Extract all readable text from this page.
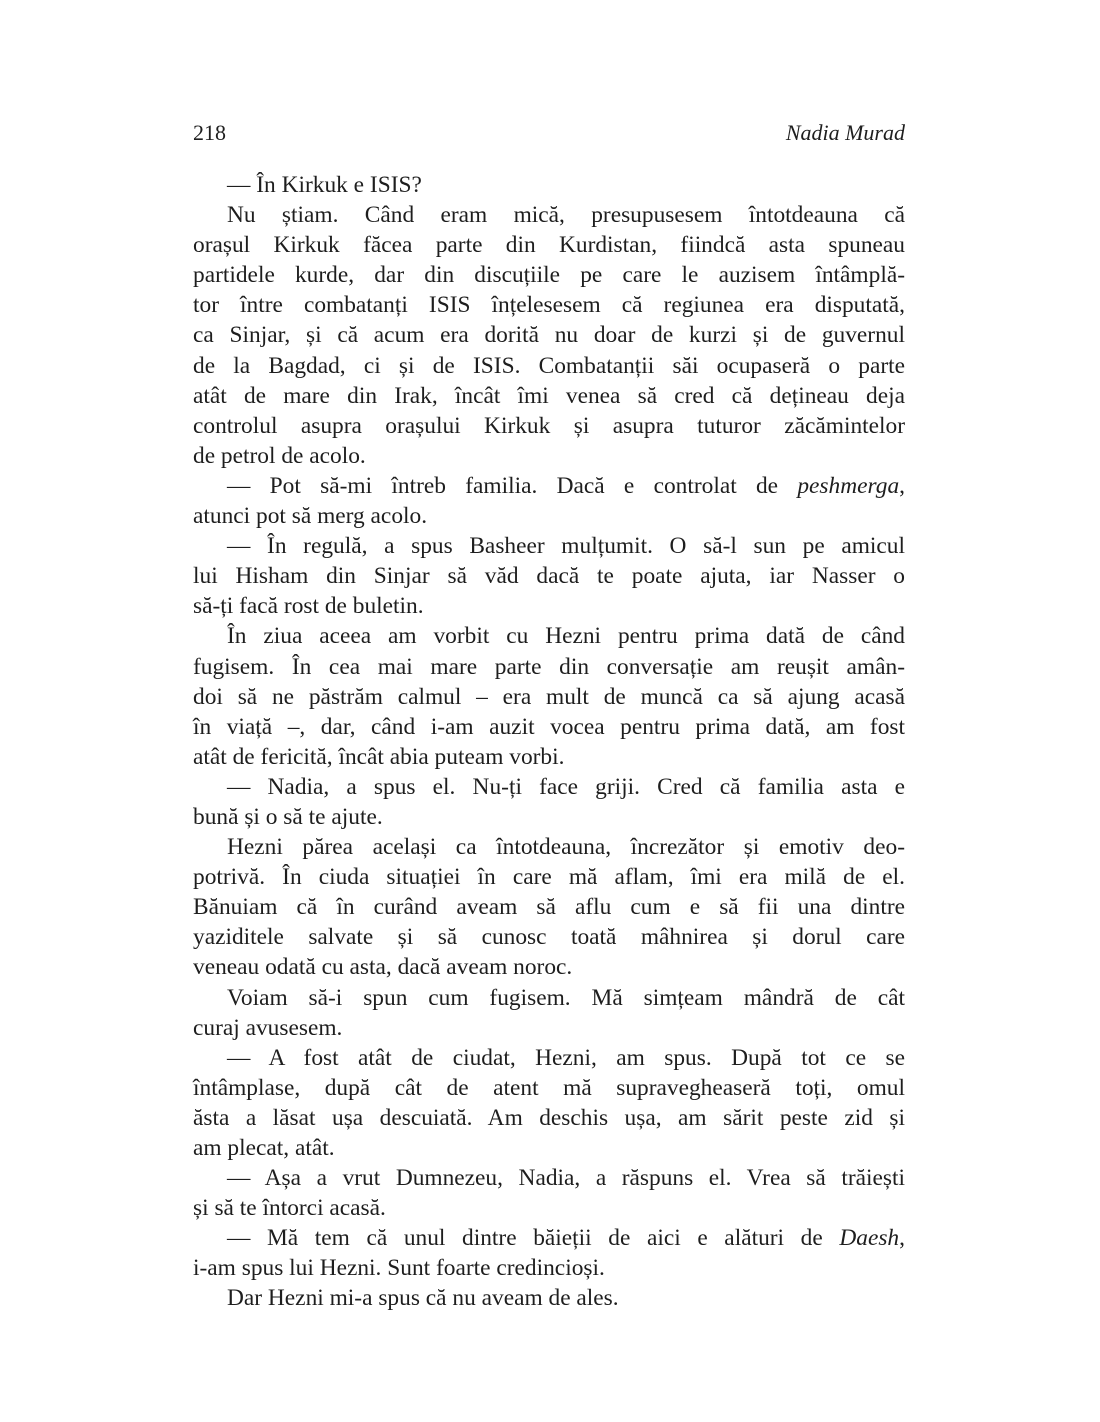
218	Nadia Murad
— În Kirkuk e ISIS?
Nu știam. Când eram mică, presupusesem întotdeauna că
orașul Kirkuk făcea parte din Kurdistan, fiindcă asta spuneau
partidele kurde, dar din discuțiile pe care le auzisem întâmplă-
tor între combatanți ISIS înțelesesem că regiunea era disputată,
ca Sinjar, și că acum era dorită nu doar de kurzi și de guvernul
de la Bagdad, ci și de ISIS. Combatanții săi ocupaseră o parte
atât de mare din Irak, încât îmi venea să cred că dețineau deja
controlul asupra orașului Kirkuk și asupra tuturor zăcămintelor
de petrol de acolo.
— Pot să-mi întreb familia. Dacă e controlat de peshmerga,
atunci pot să merg acolo.
— În regulă, a spus Basheer mulțumit. O să-l sun pe amicul
lui Hisham din Sinjar să văd dacă te poate ajuta, iar Nasser o
să-ți facă rost de buletin.
În ziua aceea am vorbit cu Hezni pentru prima dată de când
fugisem. În cea mai mare parte din conversație am reușit amân-
doi să ne păstrăm calmul – era mult de muncă ca să ajung acasă
în viață –, dar, când i-am auzit vocea pentru prima dată, am fost
atât de fericită, încât abia puteam vorbi.
— Nadia, a spus el. Nu-ți face griji. Cred că familia asta e
bună și o să te ajute.
Hezni părea același ca întotdeauna, încrezător și emotiv deo-
potrivă. În ciuda situației în care mă aflam, îmi era milă de el.
Bănuiam că în curând aveam să aflu cum e să fii una dintre
yaziditele salvate și să cunosc toată mâhnirea și dorul care
veneau odată cu asta, dacă aveam noroc.
Voiam să-i spun cum fugisem. Mă simțeam mândră de cât
curaj avusesem.
— A fost atât de ciudat, Hezni, am spus. După tot ce se
întâmplase, după cât de atent mă supravegheaseră toți, omul
ăsta a lăsat ușa descuiată. Am deschis ușa, am sărit peste zid și
am plecat, atât.
— Așa a vrut Dumnezeu, Nadia, a răspuns el. Vrea să trăiești
și să te întorci acasă.
— Mă tem că unul dintre băieții de aici e alături de Daesh,
i-am spus lui Hezni. Sunt foarte credincioși.
Dar Hezni mi-a spus că nu aveam de ales.
